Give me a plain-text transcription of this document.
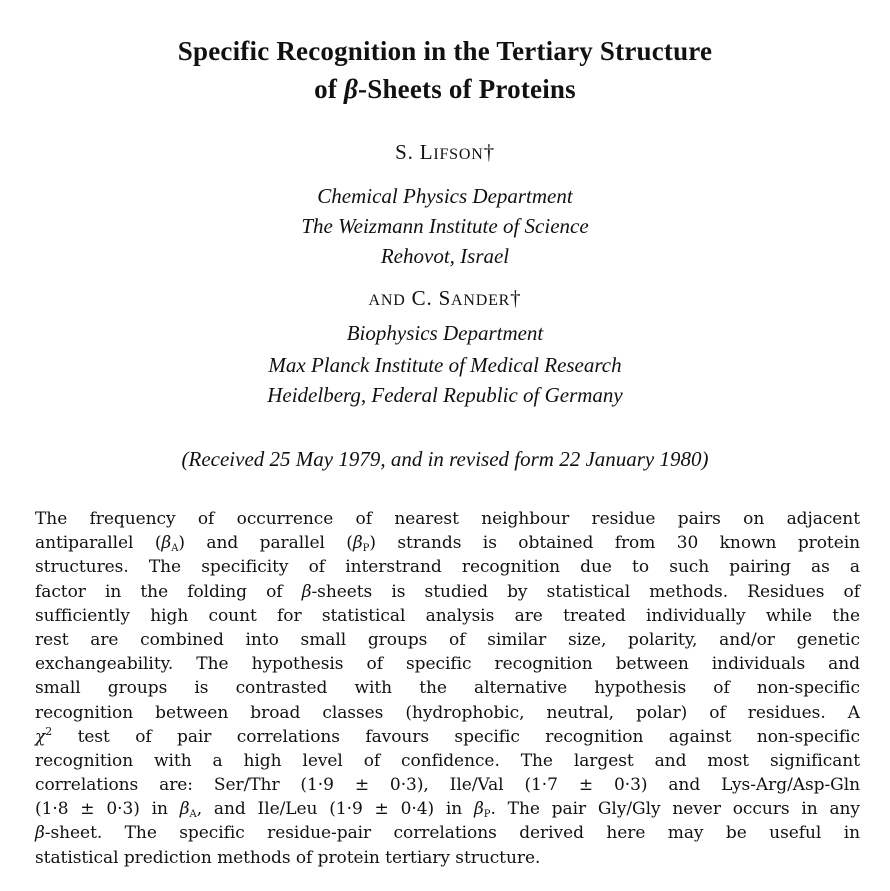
Specific Recognition in the Tertiary Structure
of β-Sheets of Proteins

S. LIFSON†

Chemical Physics Department

The Weizmann Institute of Science

Rehovot, Israel

AND C. SANDER†

Biophysics Department

Max Planck Institute of Medical Research

Heidelberg, Federal Republic of Germany

(Received 25 May 1979, and in revised form 22 January 1980)

The frequency of occurrence of nearest neighbour residue pairs on adjacent
antiparallel $(\beta_A)$ and parallel $(\beta_P)$ strands is obtained from 30 known protein
structures. The specificity of interstrand recognition due to such pairing as a
factor in the folding of β-sheets is studied by statistical methods. Residues of
sufficiently high count for statistical analysis are treated individually while the
rest are combined into small groups of similar size, polarity, and/or genetic
exchangeability. The hypothesis of specific recognition between individuals and
small groups is contrasted with the alternative hypothesis of non-specific
recognition between broad classes (hydrophobic, neutral, polar) of residues. A
$\chi^2$ test of pair correlations favours specific recognition against non-specific
recognition with a high level of confidence. The largest and most significant
correlations are: Ser/Thr (1·9 ± 0·3), Ile/Val (1·7 ± 0·3) and Lys-Arg/Asp-Gln
(1·8 ± 0·3) in $\beta_A$, and Ile/Leu (1·9 ± 0·4) in $\beta_P$. The pair Gly/Gly never occurs in any
β-sheet. The specific residue-pair correlations derived here may be useful in
statistical prediction methods of protein tertiary structure.
